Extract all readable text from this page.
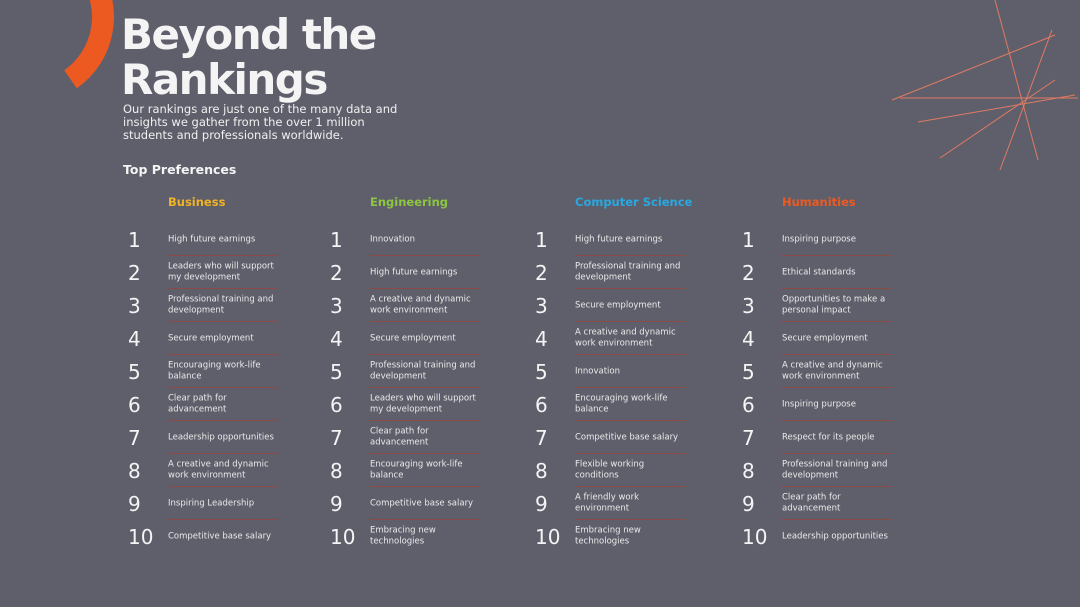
Beyond the
Rankings

Our rankings are just one of the many data and insights we gather from the over 1 million students and professionals worldwide.

Top Preferences
Business
1	High future earnings
2	Leaders who will support my development
3	Professional training and development
4	Secure employment
5	Encouraging work-life balance
6	Clear path for advancement
7	Leadership opportunities
8	A creative and dynamic work environment
9	Inspiring Leadership
10 Competitive base salary
Engineering
1	Innovation
2	High future earnings
3	A creative and dynamic work environment
4	Secure employment
5	Professional training and development
6	Leaders who will support my development
7	Clear path for advancement
8	Encouraging work-life balance
9	Competitive base salary
10 Embracing new technologies
Computer Science
1	High future earnings
2	Professional training and development
3	Secure employment
4	A creative and dynamic work environment
5	Innovation
6	Encouraging work-life balance
7	Competitive base salary
8	Flexible working conditions
9	A friendly work environment
10 Embracing new technologies
Humanities
1	Inspiring purpose
2	Ethical standards
3	Opportunities to make a personal impact
4	Secure employment
5	A creative and dynamic work environment
6	Inspiring purpose
7	Respect for its people
8	Professional training and development
9	Clear path for advancement
10 Leadership opportunities
